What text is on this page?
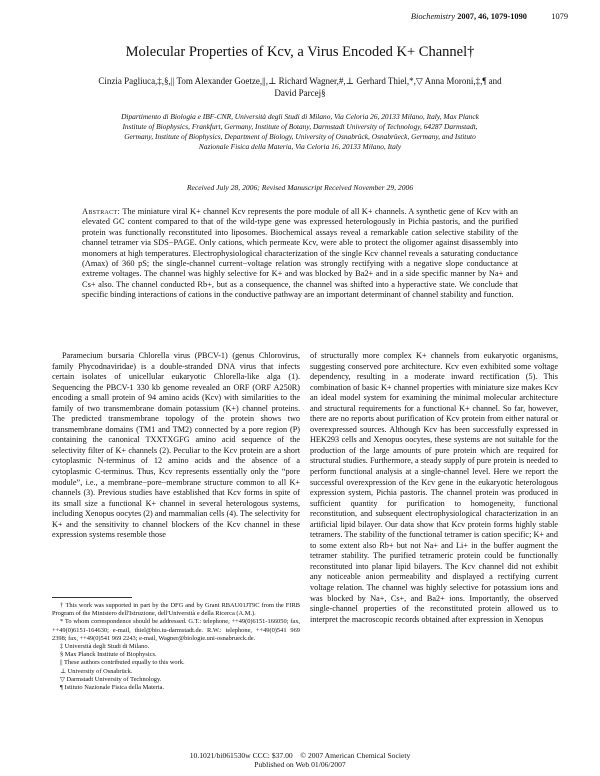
Biochemistry 2007, 46, 1079-1090	1079
Molecular Properties of Kcv, a Virus Encoded K+ Channel†
Cinzia Pagliuca,‡,§,|| Tom Alexander Goetze,||,⊥ Richard Wagner,#,⊥ Gerhard Thiel,*,▽ Anna Moroni,‡,¶ and
David Parcej§
Dipartimento di Biologia e IBF-CNR, Università degli Studi di Milano, Via Celoria 26, 20133 Milano, Italy, Max Planck
Institute of Biophysics, Frankfurt, Germany, Institute of Botany, Darmstadt University of Technology, 64287 Darmstadt,
Germany, Institute of Biophysics, Department of Biology, University of Osnabrück, Osnabrüeck, Germany, and Istituto
Nazionale Fisica della Materia, Via Celoria 16, 20133 Milano, Italy
Received July 28, 2006; Revised Manuscript Received November 29, 2006
Abstract: The miniature viral K+ channel Kcv represents the pore module of all K+ channels. A synthetic gene of Kcv with an elevated GC content compared to that of the wild-type gene was expressed heterologously in Pichia pastoris, and the purified protein was functionally reconstituted into liposomes. Biochemical assays reveal a remarkable cation selective stability of the channel tetramer via SDS−PAGE. Only cations, which permeate Kcv, were able to protect the oligomer against disassembly into monomers at high temperatures. Electrophysiological characterization of the single Kcv channel reveals a saturating conductance (Λmax) of 360 pS; the single-channel current−voltage relation was strongly rectifying with a negative slope conductance at extreme voltages. The channel was highly selective for K+ and was blocked by Ba2+ and in a side specific manner by Na+ and Cs+ also. The channel conducted Rb+, but as a consequence, the channel was shifted into a hyperactive state. We conclude that specific binding interactions of cations in the conductive pathway are an important determinant of channel stability and function.

Paramecium bursaria Chlorella virus (PBCV-1) (genus Chlorovirus, family Phycodnaviridae) is a double-stranded DNA virus that infects certain isolates of unicellular eukaryotic Chlorella-like alga (1). Sequencing the PBCV-1 330 kb genome revealed an ORF (ORF A250R) encoding a small protein of 94 amino acids (Kcv) with similarities to the family of two transmembrane domain potassium (K+) channel proteins. The predicted transmembrane topology of the protein shows two transmembrane domains (TM1 and TM2) connected by a pore region (P) containing the canonical TXXTXGFG amino acid sequence of the selectivity filter of K+ channels (2). Peculiar to the Kcv protein are a short cytoplasmic N-terminus of 12 amino acids and the absence of a cytoplasmic C-terminus. Thus, Kcv represents essentially only the “pore module”, i.e., a membrane−pore−membrane structure common to all K+ channels (3). Previous studies have established that Kcv forms in spite of its small size a functional K+ channel in several heterologous systems, including Xenopus oocytes (2) and mammalian cells (4). The selectivity for K+ and the sensitivity to channel blockers of the Kcv channel in these expression systems resemble those

of structurally more complex K+ channels from eukaryotic organisms, suggesting conserved pore architecture. Kcv even exhibited some voltage dependency, resulting in a moderate inward rectification (5). This combination of basic K+ channel properties with miniature size makes Kcv an ideal model system for examining the minimal molecular architecture and structural requirements for a functional K+ channel. So far, however, there are no reports about purification of Kcv protein from either natural or overexpressed sources. Although Kcv has been successfully expressed in HEK293 cells and Xenopus oocytes, these systems are not suitable for the production of the large amounts of pure protein which are required for structural studies. Furthermore, a steady supply of pure protein is needed to perform functional analysis at a single-channel level. Here we report the successful overexpression of the Kcv gene in the eukaryotic heterologous expression system, Pichia pastoris. The channel protein was produced in sufficient quantity for purification to homogeneity, functional reconstitution, and subsequent electrophysiological characterization in an artificial lipid bilayer. Our data show that Kcv protein forms highly stable tetramers. The stability of the functional tetramer is cation specific; K+ and to some extent also Rb+ but not Na+ and Li+ in the buffer augment the tetramer stability. The purified tetrameric protein could be functionally reconstituted into planar lipid bilayers. The Kcv channel did not exhibit any noticeable anion permeability and displayed a rectifying current voltage relation. The channel was highly selective for potassium ions and was blocked by Na+, Cs+, and Ba2+ ions. Importantly, the observed single-channel properties of the reconstituted protein allowed us to interpret the macroscopic records obtained after expression in Xenopus

† This work was supported in part by the DFG and by Grant RBAU01JT9C from the FIRB Program of the Ministero dell'Istruzione, dell'Università e della Ricerca (A.M.).
* To whom correspondence should be addressed. G.T.: telephone, ++49(0)6151-166050; fax, ++49(0)6151-164630; e-mail, thiel@bio.tu-darmstadt.de. R.W.: telephone, ++49(0)541 969 2398; fax, ++49(0)541 969 2243; e-mail, Wagner@biologie.uni-osnabrueck.de.
‡ Università degli Studi di Milano.
§ Max Planck Institute of Biophysics.
|| These authors contributed equally to this work.
⊥ University of Osnabrück.
▽ Darmstadt University of Technology.
¶ Istituto Nazionale Fisica della Materia.
10.1021/bi061530w CCC: $37.00    © 2007 American Chemical Society
Published on Web 01/06/2007
